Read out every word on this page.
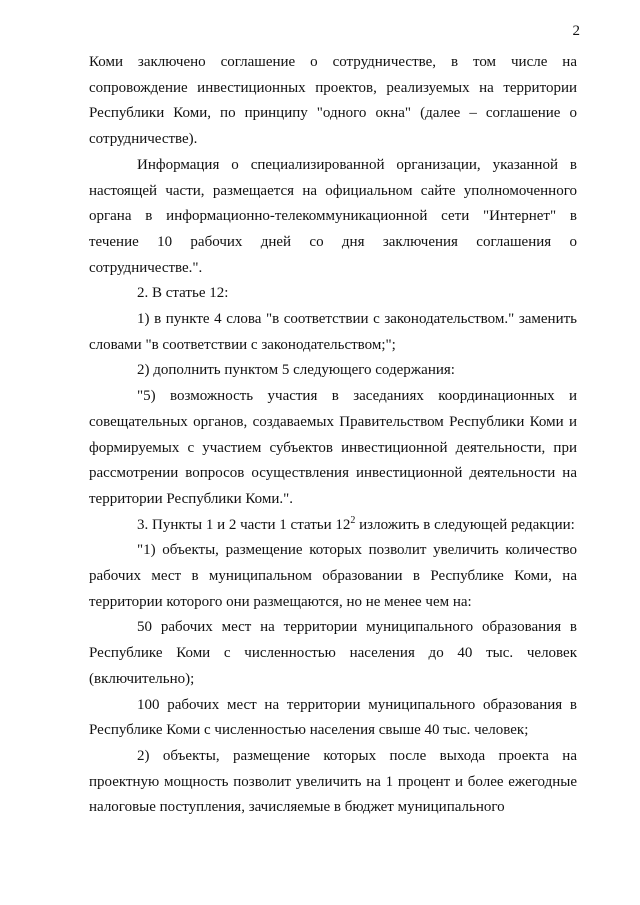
2

Коми заключено соглашение о сотрудничестве, в том числе на сопровождение инвестиционных проектов, реализуемых на территории Республики Коми, по принципу "одного окна" (далее – соглашение о сотрудничестве).

Информация о специализированной организации, указанной в настоящей части, размещается на официальном сайте уполномоченного органа в информационно-телекоммуникационной сети "Интернет" в течение 10 рабочих дней со дня заключения соглашения о сотрудничестве.".

2. В статье 12:

1) в пункте 4 слова "в соответствии с законодательством." заменить словами "в соответствии с законодательством;";

2) дополнить пунктом 5 следующего содержания:

"5) возможность участия в заседаниях координационных и совещательных органов, создаваемых Правительством Республики Коми и формируемых с участием субъектов инвестиционной деятельности, при рассмотрении вопросов осуществления инвестиционной деятельности на территории Республики Коми.".

3. Пункты 1 и 2 части 1 статьи $12^2$ изложить в следующей редакции:

"1) объекты, размещение которых позволит увеличить количество рабочих мест в муниципальном образовании в Республике Коми, на территории которого они размещаются, но не менее чем на:

50 рабочих мест на территории муниципального образования в Республике Коми с численностью населения до 40 тыс. человек (включительно);

100 рабочих мест на территории муниципального образования в Республике Коми с численностью населения свыше 40 тыс. человек;

2) объекты, размещение которых после выхода проекта на проектную мощность позволит увеличить на 1 процент и более ежегодные налоговые поступления, зачисляемые в бюджет муниципального
